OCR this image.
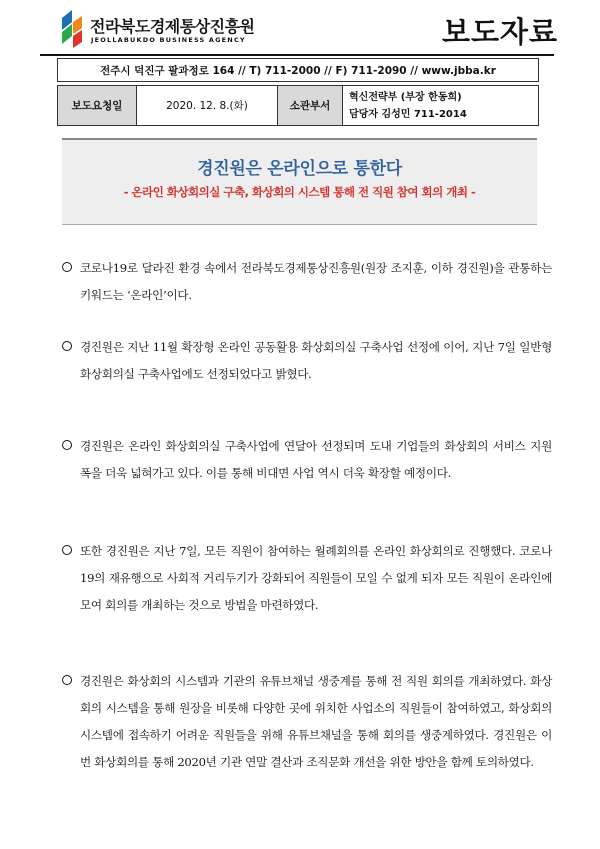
전라북도경제통상진흥원
JEOLLABUKDO BUSINESS AGENCY	보도자료
전주시 덕진구 팔과정로 164 // T) 711-2000 // F) 711-2090 // www.jbba.kr
보도요청일	2020. 12. 8.(화)	소관부서	
혁신전략부 (부장 한동희)
담당자 김성민 711-2014
경진원은 온라인으로 통한다
- 온라인 화상회의실 구축, 화상회의 시스템 통해 전 직원 참여 회의 개최 -
코로나19로 달라진 환경 속에서 전라북도경제통상진흥원(원장 조지훈, 이하 경진원)을 관통하는 키워드는 ‘온라인’이다.
경진원은 지난 11월 확장형 온라인 공동활용 화상회의실 구축사업 선정에 이어, 지난 7일 일반형 화상회의실 구축사업에도 선정되었다고 밝혔다.
경진원은 온라인 화상회의실 구축사업에 연달아 선정되며 도내 기업들의 화상회의 서비스 지원 폭을 더욱 넓혀가고 있다. 이를 통해 비대면 사업 역시 더욱 확장할 예정이다.
또한 경진원은 지난 7일, 모든 직원이 참여하는 월례회의를 온라인 화상회의로 진행했다. 코로나19의 재유행으로 사회적 거리두기가 강화되어 직원들이 모일 수 없게 되자 모든 직원이 온라인에 모여 회의를 개최하는 것으로 방법을 마련하였다.
경진원은 화상회의 시스템과 기관의 유튜브채널 생중계를 통해 전 직원 회의를 개최하였다. 화상회의 시스템을 통해 원장을 비롯해 다양한 곳에 위치한 사업소의 직원들이 참여하였고, 화상회의 시스템에 접속하기 어려운 직원들을 위해 유튜브채널을 통해 회의를 생중계하였다. 경진원은 이번 화상회의를 통해 2020년 기관 연말 결산과 조직문화 개선을 위한 방안을 함께 토의하였다.
